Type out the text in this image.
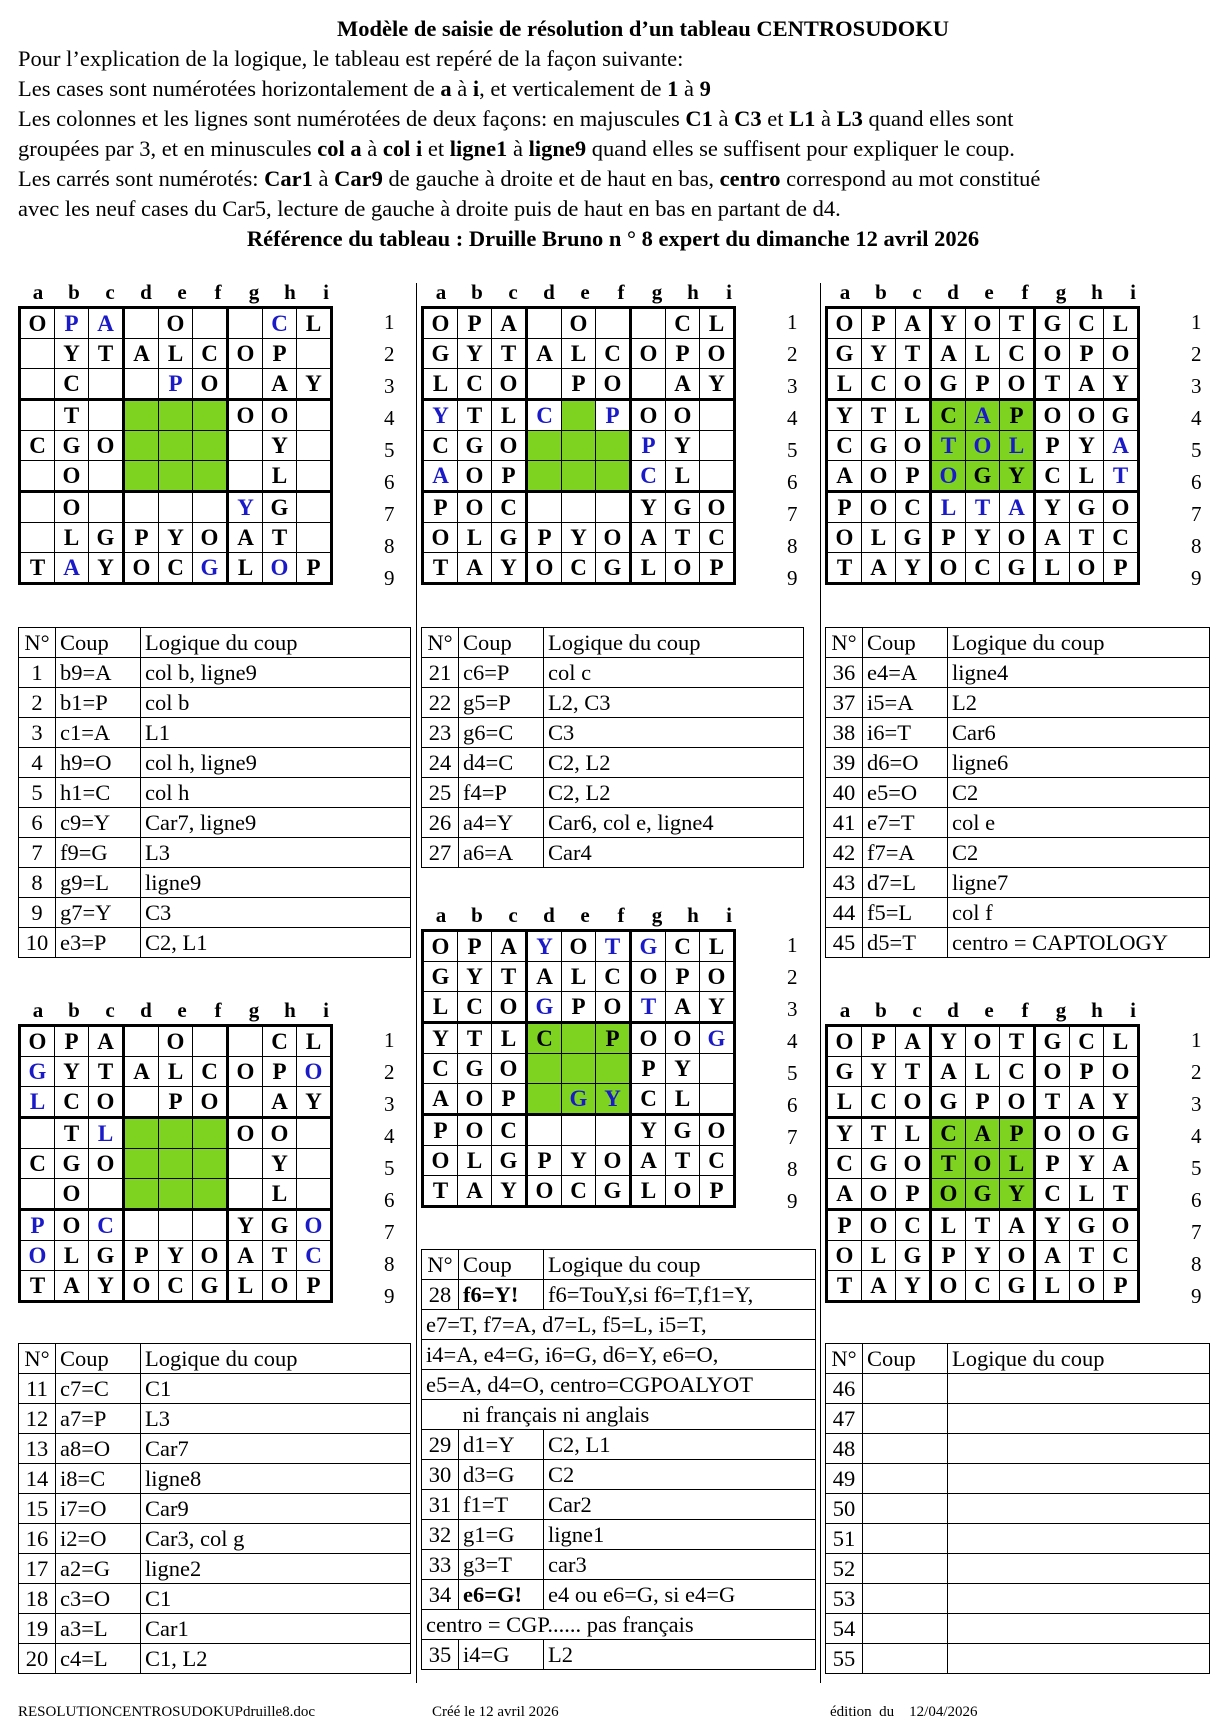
Modèle de saisie de résolution d’un tableau CENTROSUDOKU
Pour l’explication de la logique, le tableau est repéré de la façon suivante:
Les cases sont numérotées horizontalement de a à i, et verticalement de 1 à 9
Les colonnes et les lignes sont numérotées de deux façons: en majuscules C1 à C3 et L1 à L3 quand elles sont
groupées par 3, et en minuscules col a à col i et ligne1 à ligne9 quand elles se suffisent pour expliquer le coup.
Les carrés sont numérotés: Car1 à Car9 de gauche à droite et de haut en bas, centro correspond au mot constitué
avec les neuf cases du Car5, lecture de gauche à droite puis de haut en bas en partant de d4.
Référence du tableau : Druille Bruno n ° 8 expert du dimanche 12 avril 2026
a	b	c	d	e	f	g	h	i
O	P	A		O			C	L
	Y	T	A	L	C	O	P	
	C			P	O		A	Y
	T					O	O	
C	G	O					Y	
	O						L	
	O					Y	G	
	L	G	P	Y	O	A	T	
T	A	Y	O	C	G	L	O	P
1
2
3
4
5
6
7
8
9
a	b	c	d	e	f	g	h	i
O	P	A		O			C	L
G	Y	T	A	L	C	O	P	O
L	C	O		P	O		A	Y
Y	T	L	C		P	O	O	
C	G	O				P	Y	
A	O	P				C	L	
P	O	C				Y	G	O
O	L	G	P	Y	O	A	T	C
T	A	Y	O	C	G	L	O	P
1
2
3
4
5
6
7
8
9
a	b	c	d	e	f	g	h	i
O	P	A	Y	O	T	G	C	L
G	Y	T	A	L	C	O	P	O
L	C	O	G	P	O	T	A	Y
Y	T	L	C	A	P	O	O	G
C	G	O	T	O	L	P	Y	A
A	O	P	O	G	Y	C	L	T
P	O	C	L	T	A	Y	G	O
O	L	G	P	Y	O	A	T	C
T	A	Y	O	C	G	L	O	P
1
2
3
4
5
6
7
8
9
a	b	c	d	e	f	g	h	i
O	P	A		O			C	L
G	Y	T	A	L	C	O	P	O
L	C	O		P	O		A	Y
	T	L				O	O	
C	G	O					Y	
	O						L	
P	O	C				Y	G	O
O	L	G	P	Y	O	A	T	C
T	A	Y	O	C	G	L	O	P
1
2
3
4
5
6
7
8
9
a	b	c	d	e	f	g	h	i
O	P	A	Y	O	T	G	C	L
G	Y	T	A	L	C	O	P	O
L	C	O	G	P	O	T	A	Y
Y	T	L	C		P	O	O	G
C	G	O				P	Y	
A	O	P		G	Y	C	L	
P	O	C				Y	G	O
O	L	G	P	Y	O	A	T	C
T	A	Y	O	C	G	L	O	P
1
2
3
4
5
6
7
8
9
a	b	c	d	e	f	g	h	i
O	P	A	Y	O	T	G	C	L
G	Y	T	A	L	C	O	P	O
L	C	O	G	P	O	T	A	Y
Y	T	L	C	A	P	O	O	G
C	G	O	T	O	L	P	Y	A
A	O	P	O	G	Y	C	L	T
P	O	C	L	T	A	Y	G	O
O	L	G	P	Y	O	A	T	C
T	A	Y	O	C	G	L	O	P
1
2
3
4
5
6
7
8
9
N°	Coup	Logique du coup
1	b9=A	col b, ligne9
2	b1=P	col b
3	c1=A	L1
4	h9=O	col h, ligne9
5	h1=C	col h
6	c9=Y	Car7, ligne9
7	f9=G	L3
8	g9=L	ligne9
9	g7=Y	C3
10	e3=P	C2, L1
N°	Coup	Logique du coup
21	c6=P	col c
22	g5=P	L2, C3
23	g6=C	C3
24	d4=C	C2, L2
25	f4=P	C2, L2
26	a4=Y	Car6, col e, ligne4
27	a6=A	Car4
N°	Coup	Logique du coup
36	e4=A	ligne4
37	i5=A	L2
38	i6=T	Car6
39	d6=O	ligne6
40	e5=O	C2
41	e7=T	col e
42	f7=A	C2
43	d7=L	ligne7
44	f5=L	col f
45	d5=T	centro = CAPTOLOGY
N°	Coup	Logique du coup
11	c7=C	C1
12	a7=P	L3
13	a8=O	Car7
14	i8=C	ligne8
15	i7=O	Car9
16	i2=O	Car3, col g
17	a2=G	ligne2
18	c3=O	C1
19	a3=L	Car1
20	c4=L	C1, L2
N°	Coup	Logique du coup
28	f6=Y!	f6=TouY,si f6=T,f1=Y,
e7=T, f7=A, d7=L, f5=L, i5=T,		
i4=A, e4=G, i6=G, d6=Y, e6=O,		
e5=A, d4=O, centro=CGPOALYOT		
	ni français ni anglais	
29	d1=Y	C2, L1
30	d3=G	C2
31	f1=T	Car2
32	g1=G	ligne1
33	g3=T	car3
34	e6=G!	e4 ou e6=G, si e4=G
centro = CGP...... pas français		
35	i4=G	L2
N°	Coup	Logique du coup
46		
47		
48		
49		
50		
51		
52		
53		
54		
55		
RESOLUTIONCENTROSUDOKUPdruille8.doc	Créé le 12 avril 2026	édition  du    12/04/2026
